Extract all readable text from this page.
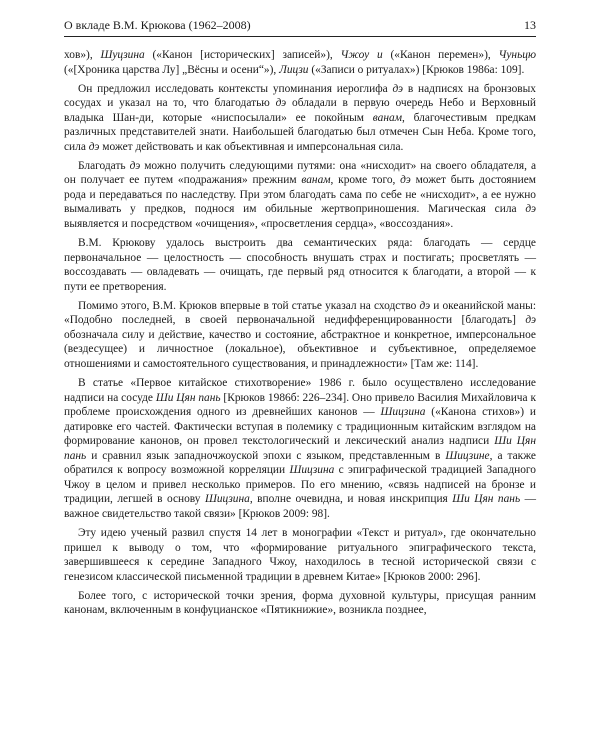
О вкладе В.М. Крюкова (1962–2008)	13

хов»), Шуцзина («Канон [исторических] записей»), Чжоу и («Канон перемен»), Чуньцю («[Хроника царства Лу] „Вёсны и осени“»), Лицзи («Записи о ритуалах») [Крюков 1986а: 109].

Он предложил исследовать контексты упоминания иероглифа дэ в надписях на бронзовых сосудах и указал на то, что благодатью дэ обладали в первую очередь Небо и Верховный владыка Шан-ди, которые «ниспосылали» ее покойным ванам, благочестивым предкам различных представителей знати. Наибольшей благодатью был отмечен Сын Неба. Кроме того, сила дэ может действовать и как объективная и имперсональная сила.

Благодать дэ можно получить следующими путями: она «нисходит» на своего обладателя, а он получает ее путем «подражания» прежним ванам, кроме того, дэ может быть достоянием рода и передаваться по наследству. При этом благодать сама по себе не «нисходит», а ее нужно вымаливать у предков, поднося им обильные жертвоприношения. Магическая сила дэ выявляется и посредством «очищения», «просветления сердца», «воссоздания».

В.М. Крюкову удалось выстроить два семантических ряда: благодать — сердце первоначальное — целостность — способность внушать страх и постигать; просветлять — воссоздавать — овладевать — очищать, где первый ряд относится к благодати, а второй — к пути ее претворения.

Помимо этого, В.М. Крюков впервые в той статье указал на сходство дэ и океанийской маны: «Подобно последней, в своей первоначальной недифференцированности [благодать] дэ обозначала силу и действие, качество и состояние, абстрактное и конкретное, имперсональное (вездесущее) и личностное (локальное), объективное и субъективное, определяемое отношениями и самостоятельного существования, и принадлежности» [Там же: 114].

В статье «Первое китайское стихотворение» 1986 г. было осуществлено исследование надписи на сосуде Ши Цян пань [Крюков 1986б: 226–234]. Оно привело Василия Михайловича к проблеме происхождения одного из древнейших канонов — Шицзина («Канона стихов») и датировке его частей. Фактически вступая в полемику с традиционным китайским взглядом на формирование канонов, он провел текстологический и лексический анализ надписи Ши Цян пань и сравнил язык западночжоуской эпохи с языком, представленным в Шицзине, а также обратился к вопросу возможной корреляции Шицзина с эпиграфической традицией Западного Чжоу в целом и привел несколько примеров. По его мнению, «связь надписей на бронзе и традиции, легшей в основу Шицзина, вполне очевидна, и новая инскрипция Ши Цян пань — важное свидетельство такой связи» [Крюков 2009: 98].

Эту идею ученый развил спустя 14 лет в монографии «Текст и ритуал», где окончательно пришел к выводу о том, что «формирование ритуального эпиграфического текста, завершившееся к середине Западного Чжоу, находилось в тесной исторической связи с генезисом классической письменной традиции в древнем Китае» [Крюков 2000: 296].

Более того, с исторической точки зрения, форма духовной культуры, присущая ранним канонам, включенным в конфуцианское «Пятикнижие», возникла позднее,
